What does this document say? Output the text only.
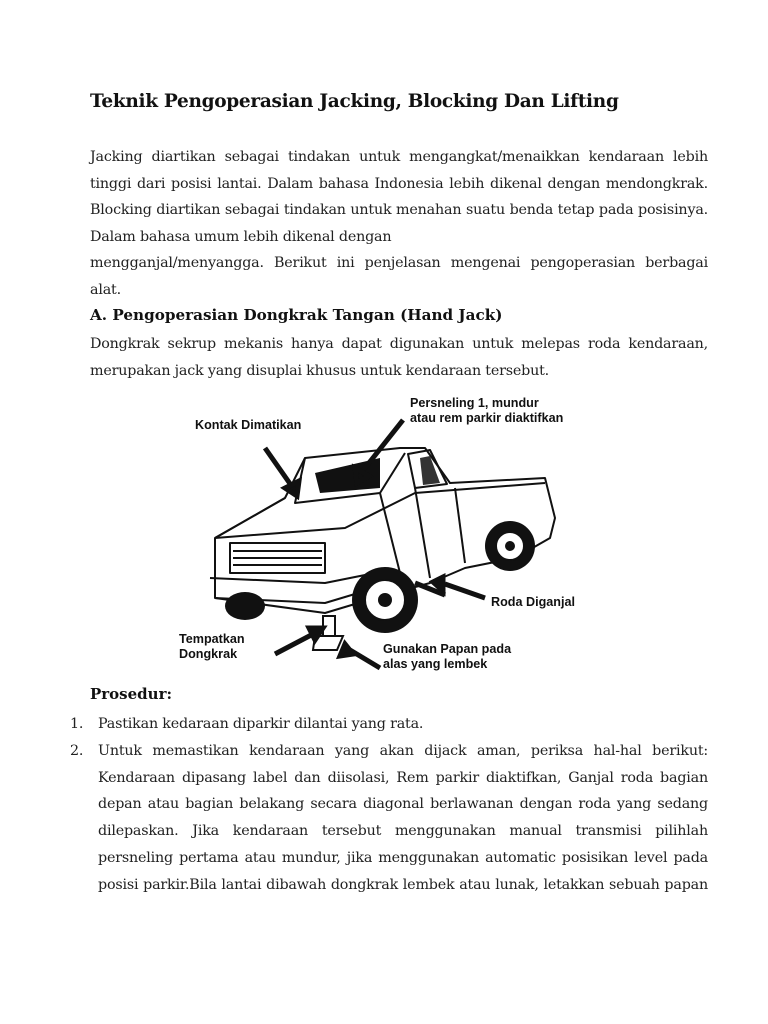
Teknik Pengoperasian Jacking, Blocking Dan Lifting
Jacking diartikan sebagai tindakan untuk mengangkat/menaikkan kendaraan lebih
tinggi dari posisi lantai. Dalam bahasa Indonesia lebih dikenal dengan mendongkrak.
Blocking diartikan sebagai tindakan untuk menahan suatu benda tetap pada posisinya.
Dalam bahasa umum lebih dikenal dengan
mengganjal/menyangga. Berikut ini penjelasan mengenai pengoperasian berbagai alat.
A. Pengoperasian Dongkrak Tangan (Hand Jack)
Dongkrak sekrup mekanis hanya dapat digunakan untuk melepas roda kendaraan,
merupakan jack yang disuplai khusus untuk kendaraan tersebut.
Kontak Dimatikan
Persneling 1, mundur
atau rem parkir diaktifkan
Roda Diganjal
Tempatkan
Dongkrak	Gunakan Papan pada
alas yang lembek
Prosedur:
1. Pastikan kedaraan diparkir dilantai yang rata.
2. Untuk memastikan kendaraan yang akan dijack aman, periksa hal-hal berikut:
Kendaraan dipasang label dan diisolasi, Rem parkir diaktifkan, Ganjal roda bagian
depan atau bagian belakang secara diagonal berlawanan dengan roda yang sedang
dilepaskan. Jika kendaraan tersebut menggunakan manual transmisi pilihlah
persneling pertama atau mundur, jika menggunakan automatic posisikan level pada
posisi parkir.Bila lantai dibawah dongkrak lembek atau lunak, letakkan sebuah papan
